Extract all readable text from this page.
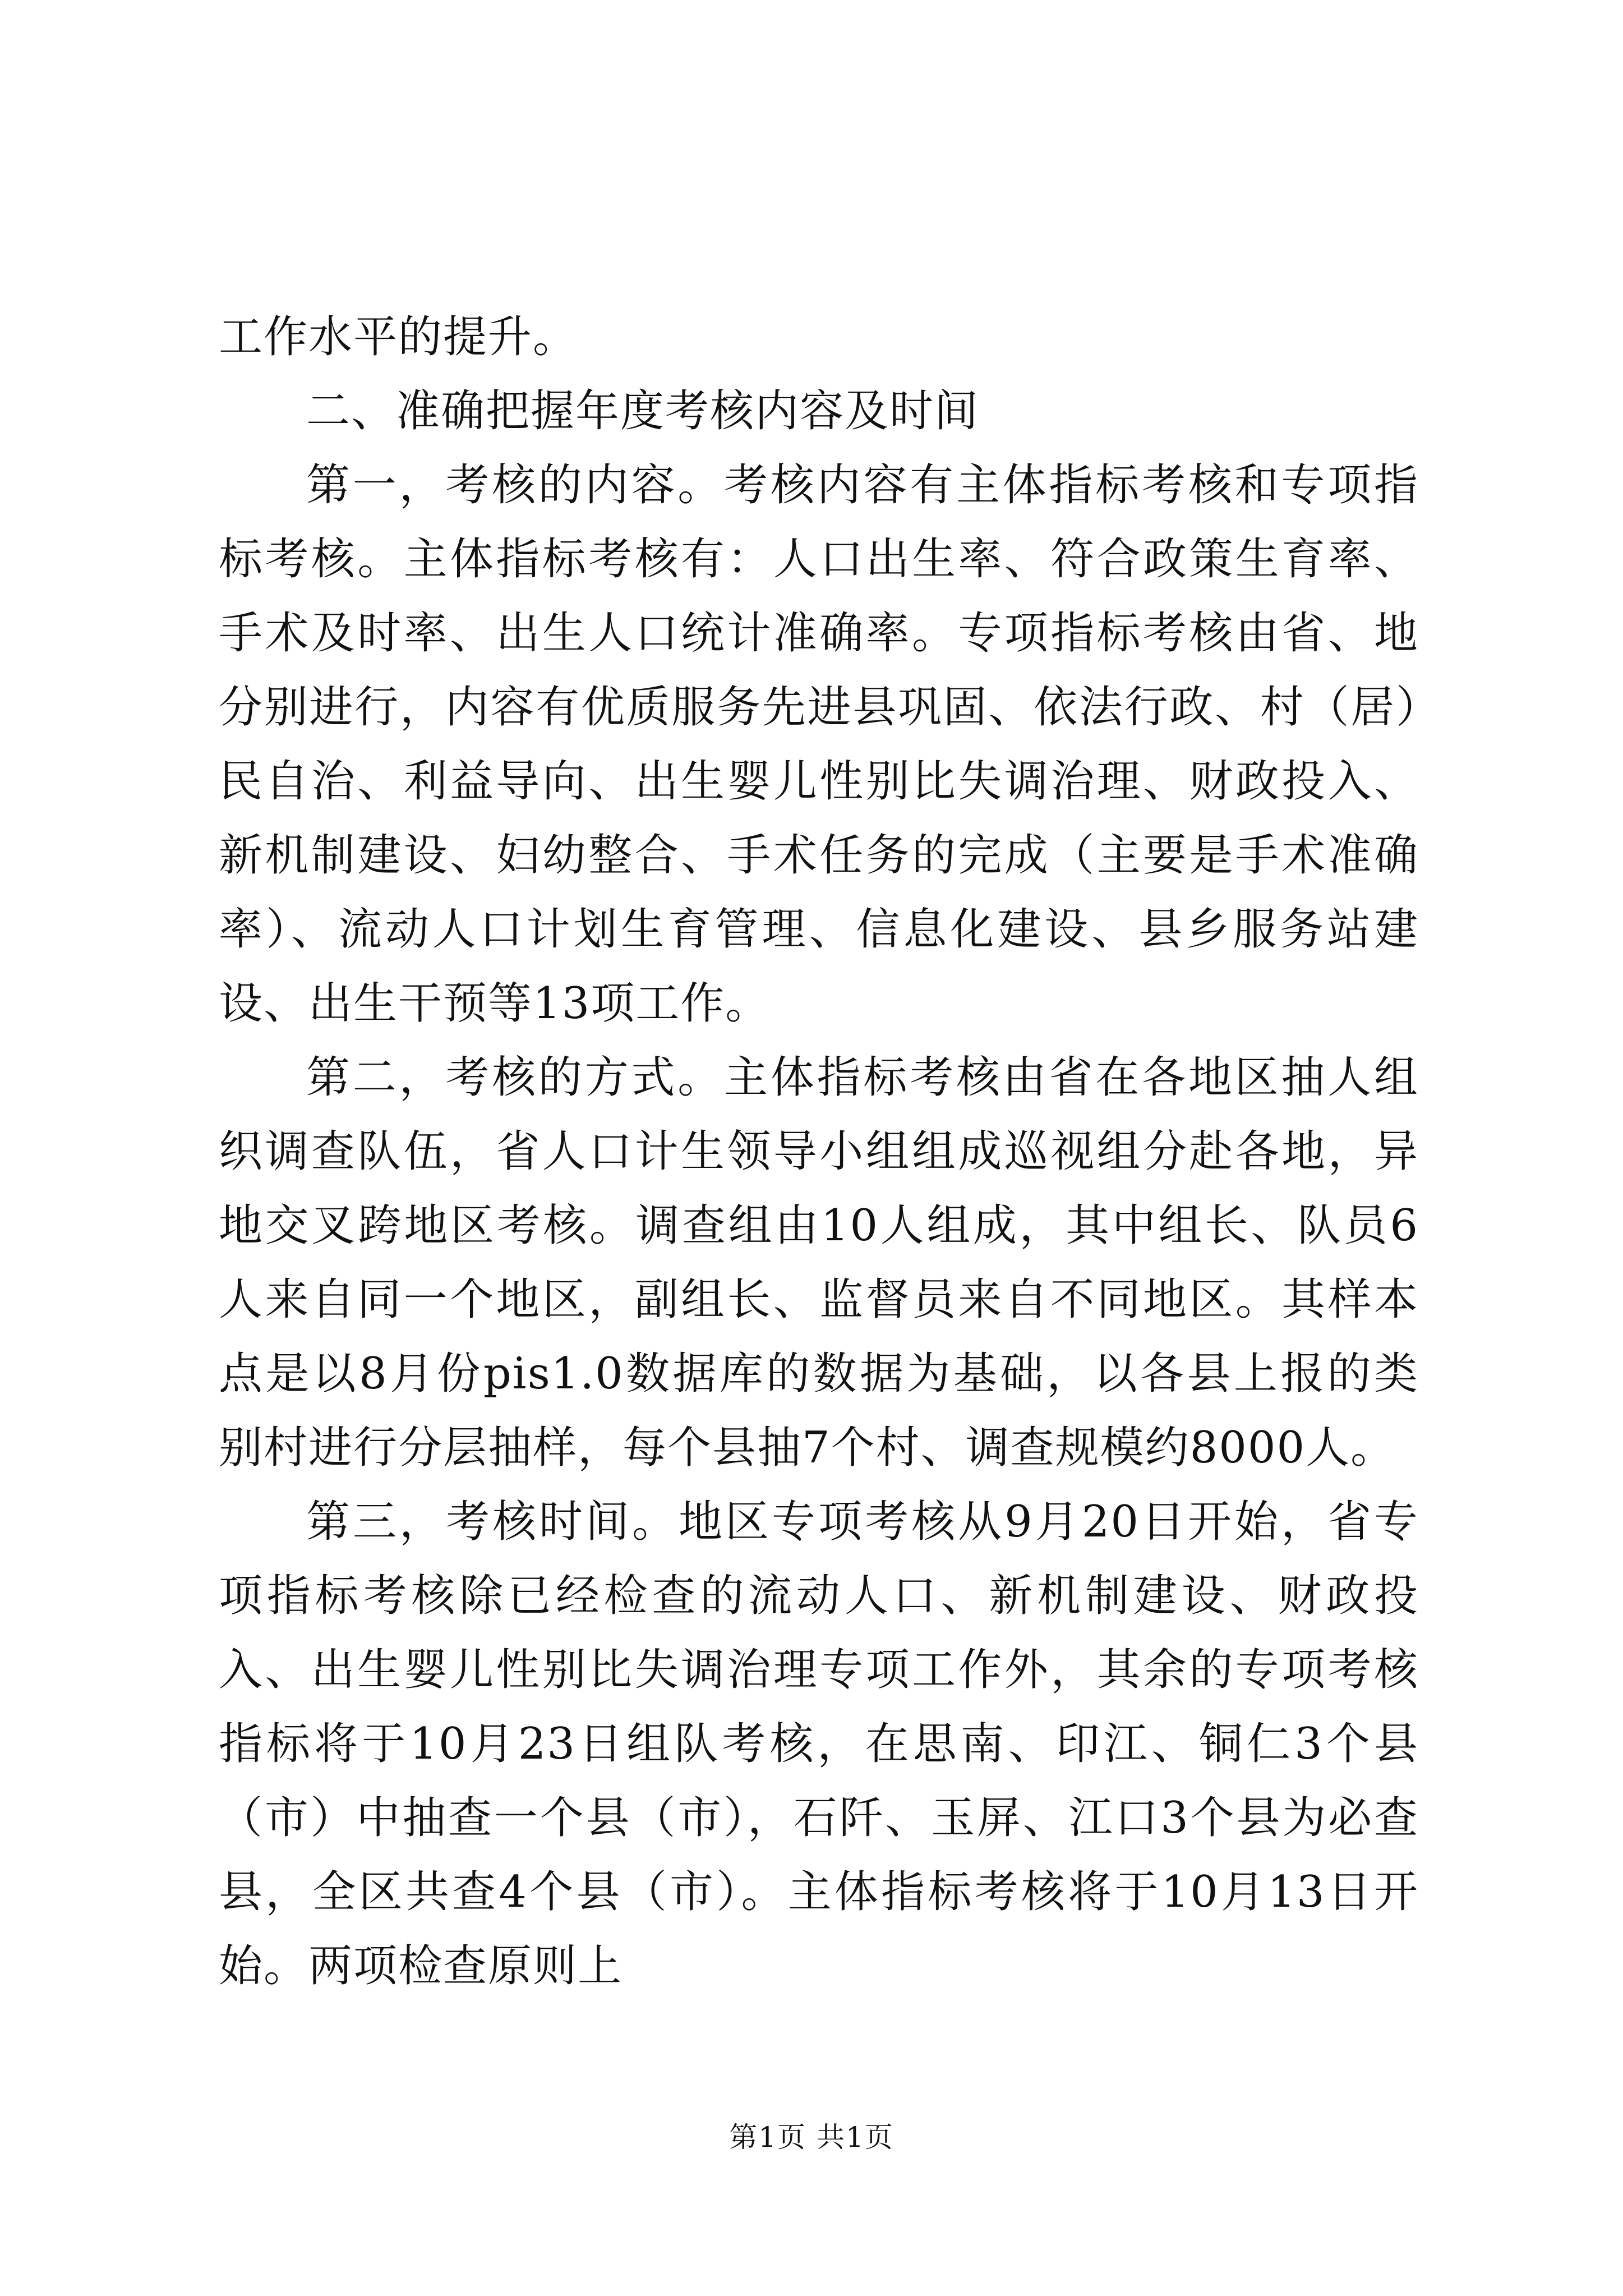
工作水平的提升。

二、准确把握年度考核内容及时间

第一，考核的内容。考核内容有主体指标考核和专项指标考核。主体指标考核有：人口出生率、符合政策生育率、手术及时率、出生人口统计准确率。专项指标考核由省、地分别进行，内容有优质服务先进县巩固、依法行政、村（居）民自治、利益导向、出生婴儿性别比失调治理、财政投入、新机制建设、妇幼整合、手术任务的完成（主要是手术准确率）、流动人口计划生育管理、信息化建设、县乡服务站建设、出生干预等13项工作。

第二，考核的方式。主体指标考核由省在各地区抽人组织调查队伍，省人口计生领导小组组成巡视组分赴各地，异地交叉跨地区考核。调查组由10人组成，其中组长、队员6人来自同一个地区，副组长、监督员来自不同地区。其样本点是以8月份pis1.0数据库的数据为基础，以各县上报的类别村进行分层抽样，每个县抽7个村、调查规模约8000人。

第三，考核时间。地区专项考核从9月20日开始，省专项指标考核除已经检查的流动人口、新机制建设、财政投入、出生婴儿性别比失调治理专项工作外，其余的专项考核指标将于10月23日组队考核，在思南、印江、铜仁3个县（市）中抽查一个县（市），石阡、玉屏、江口3个县为必查县，全区共查4个县（市）。主体指标考核将于10月13日开始。两项检查原则上

第1页 共1页
